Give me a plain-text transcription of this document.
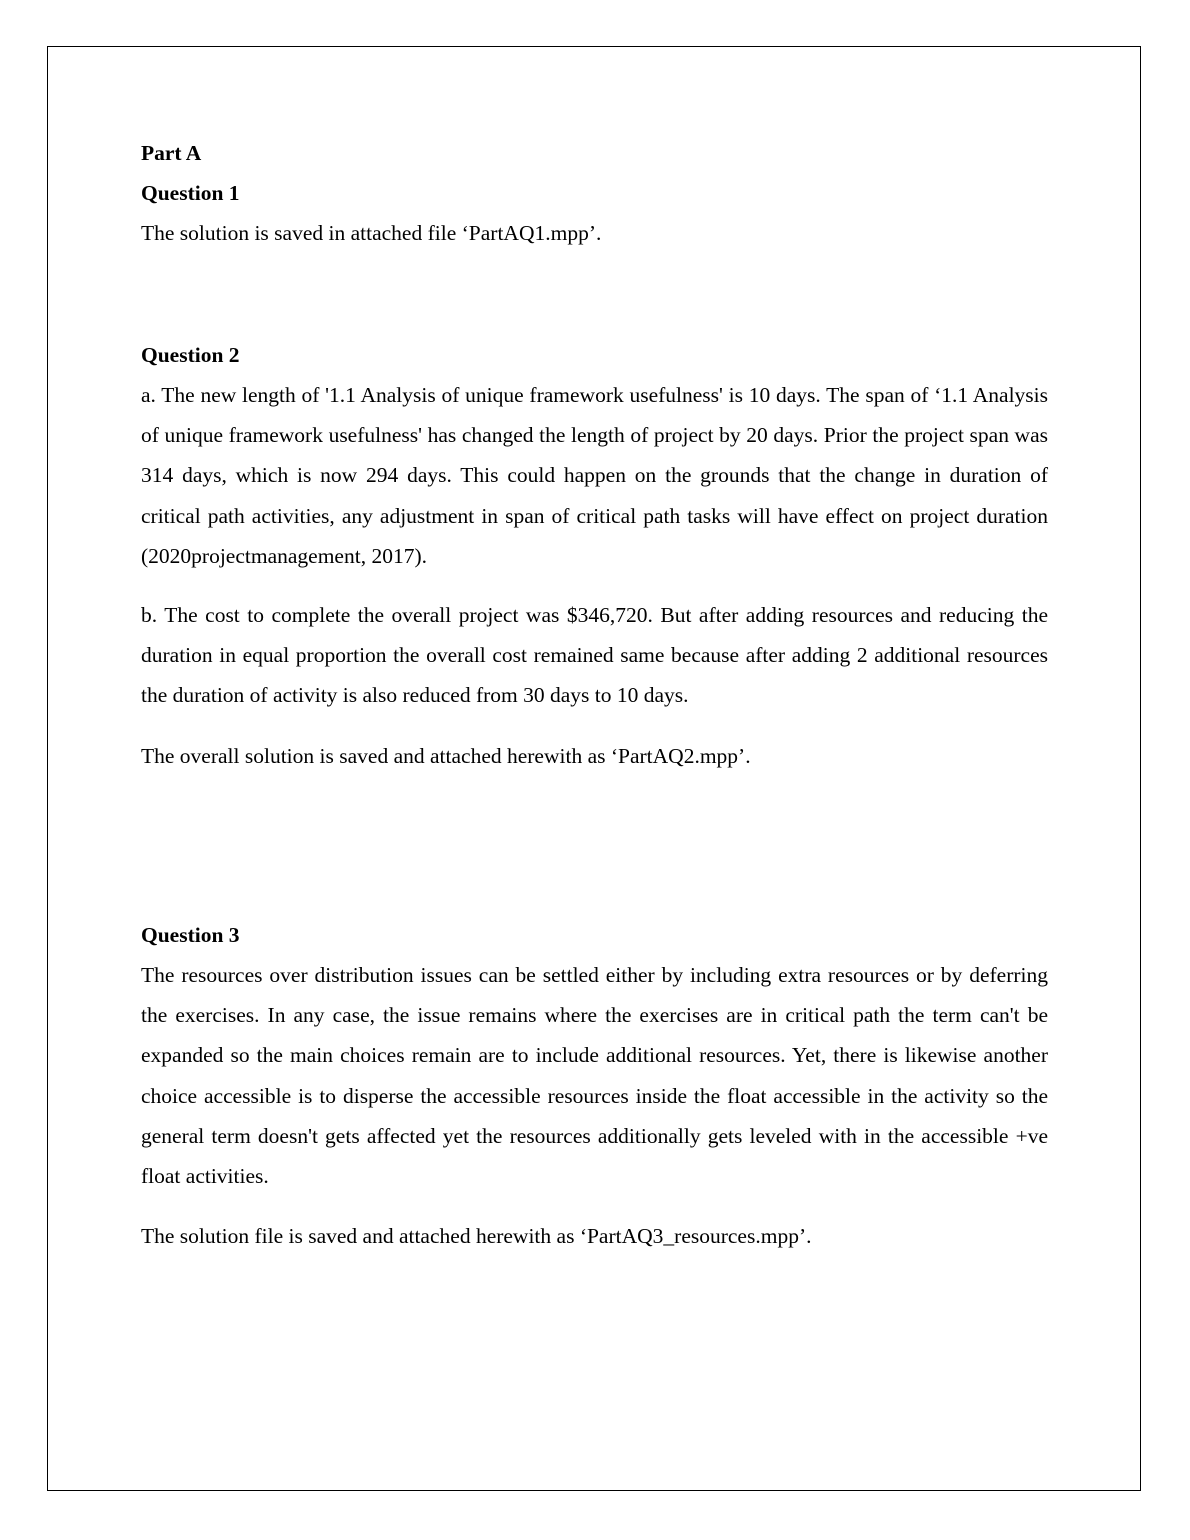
Part A

Question 1

The solution is saved in attached file ‘PartAQ1.mpp’.

Question 2

a. The new length of '1.1 Analysis of unique framework usefulness' is 10 days. The span of ‘1.1 Analysis of unique framework usefulness' has changed the length of project by 20 days. Prior the project span was 314 days, which is now 294 days. This could happen on the grounds that the change in duration of critical path activities, any adjustment in span of critical path tasks will have effect on project duration (2020projectmanagement, 2017).

b. The cost to complete the overall project was $346,720. But after adding resources and reducing the duration in equal proportion the overall cost remained same because after adding 2 additional resources the duration of activity is also reduced from 30 days to 10 days.

The overall solution is saved and attached herewith as ‘PartAQ2.mpp’.

Question 3

The resources over distribution issues can be settled either by including extra resources or by deferring the exercises. In any case, the issue remains where the exercises are in critical path the term can't be expanded so the main choices remain are to include additional resources. Yet, there is likewise another choice accessible is to disperse the accessible resources inside the float accessible in the activity so the general term doesn't gets affected yet the resources additionally gets leveled with in the accessible +ve float activities.

The solution file is saved and attached herewith as ‘PartAQ3_resources.mpp’.
